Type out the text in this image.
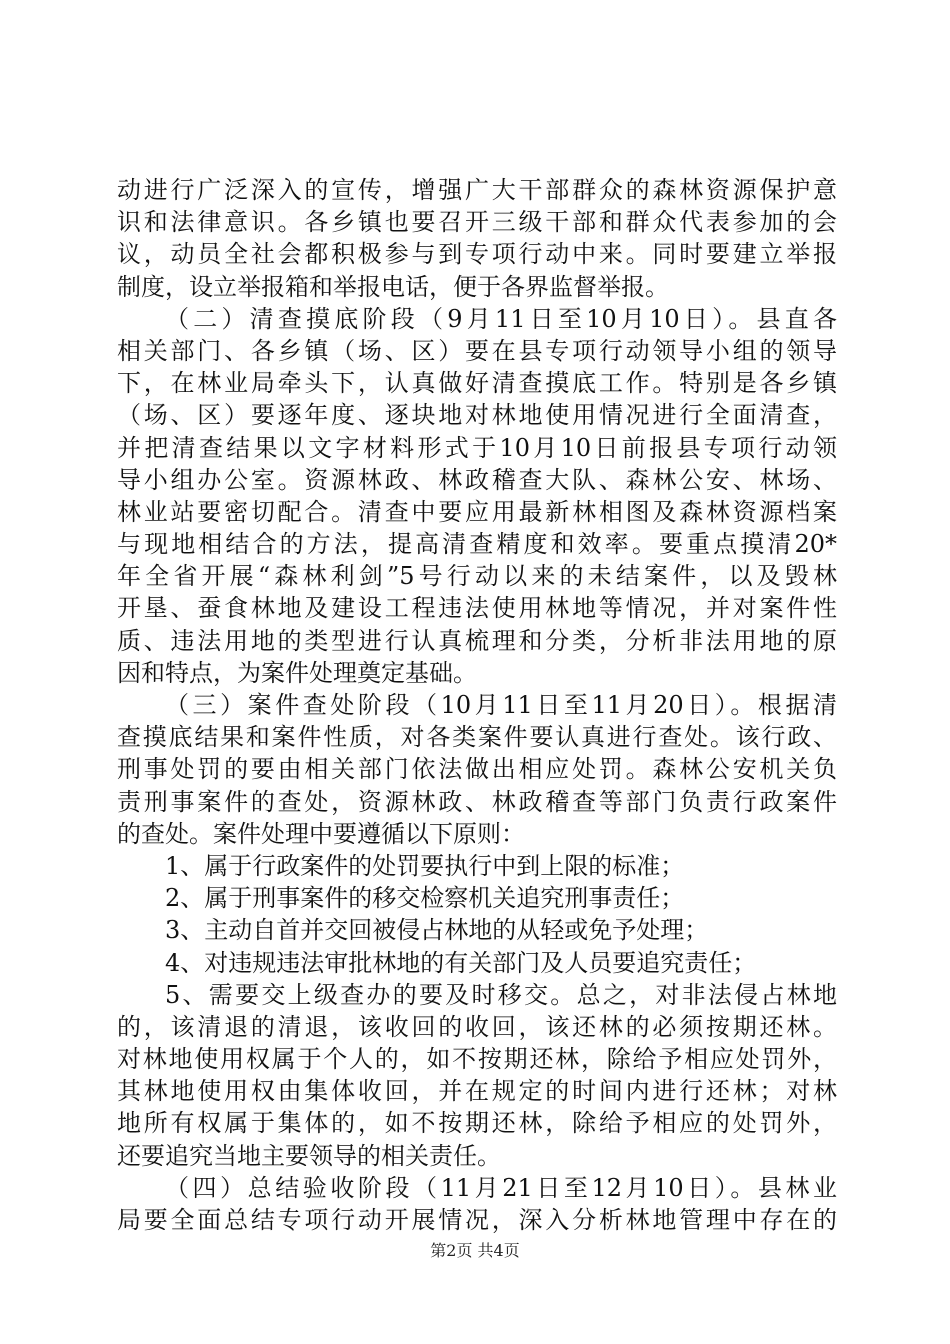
动进行广泛深入的宣传，增强广大干部群众的森林资源保护意
识和法律意识。各乡镇也要召开三级干部和群众代表参加的会
议，动员全社会都积极参与到专项行动中来。同时要建立举报
制度，设立举报箱和举报电话，便于各界监督举报。
（二）清查摸底阶段（9月11日至10月10日）。县直各
相关部门、各乡镇（场、区）要在县专项行动领导小组的领导
下，在林业局牵头下，认真做好清查摸底工作。特别是各乡镇
（场、区）要逐年度、逐块地对林地使用情况进行全面清查，
并把清查结果以文字材料形式于10月10日前报县专项行动领
导小组办公室。资源林政、林政稽查大队、森林公安、林场、
林业站要密切配合。清查中要应用最新林相图及森林资源档案
与现地相结合的方法，提高清查精度和效率。要重点摸清20*
年全省开展“森林利剑”5号行动以来的未结案件，以及毁林
开垦、蚕食林地及建设工程违法使用林地等情况，并对案件性
质、违法用地的类型进行认真梳理和分类，分析非法用地的原
因和特点，为案件处理奠定基础。
（三）案件查处阶段（10月11日至11月20日）。根据清
查摸底结果和案件性质，对各类案件要认真进行查处。该行政、
刑事处罚的要由相关部门依法做出相应处罚。森林公安机关负
责刑事案件的查处，资源林政、林政稽查等部门负责行政案件
的查处。案件处理中要遵循以下原则：
1、属于行政案件的处罚要执行中到上限的标准；
2、属于刑事案件的移交检察机关追究刑事责任；
3、主动自首并交回被侵占林地的从轻或免予处理；
4、对违规违法审批林地的有关部门及人员要追究责任；
5、需要交上级查办的要及时移交。总之，对非法侵占林地
的，该清退的清退，该收回的收回，该还林的必须按期还林。
对林地使用权属于个人的，如不按期还林，除给予相应处罚外，
其林地使用权由集体收回，并在规定的时间内进行还林；对林
地所有权属于集体的，如不按期还林，除给予相应的处罚外，
还要追究当地主要领导的相关责任。
（四）总结验收阶段（11月21日至12月10日）。县林业
局要全面总结专项行动开展情况，深入分析林地管理中存在的
第2页 共4页
